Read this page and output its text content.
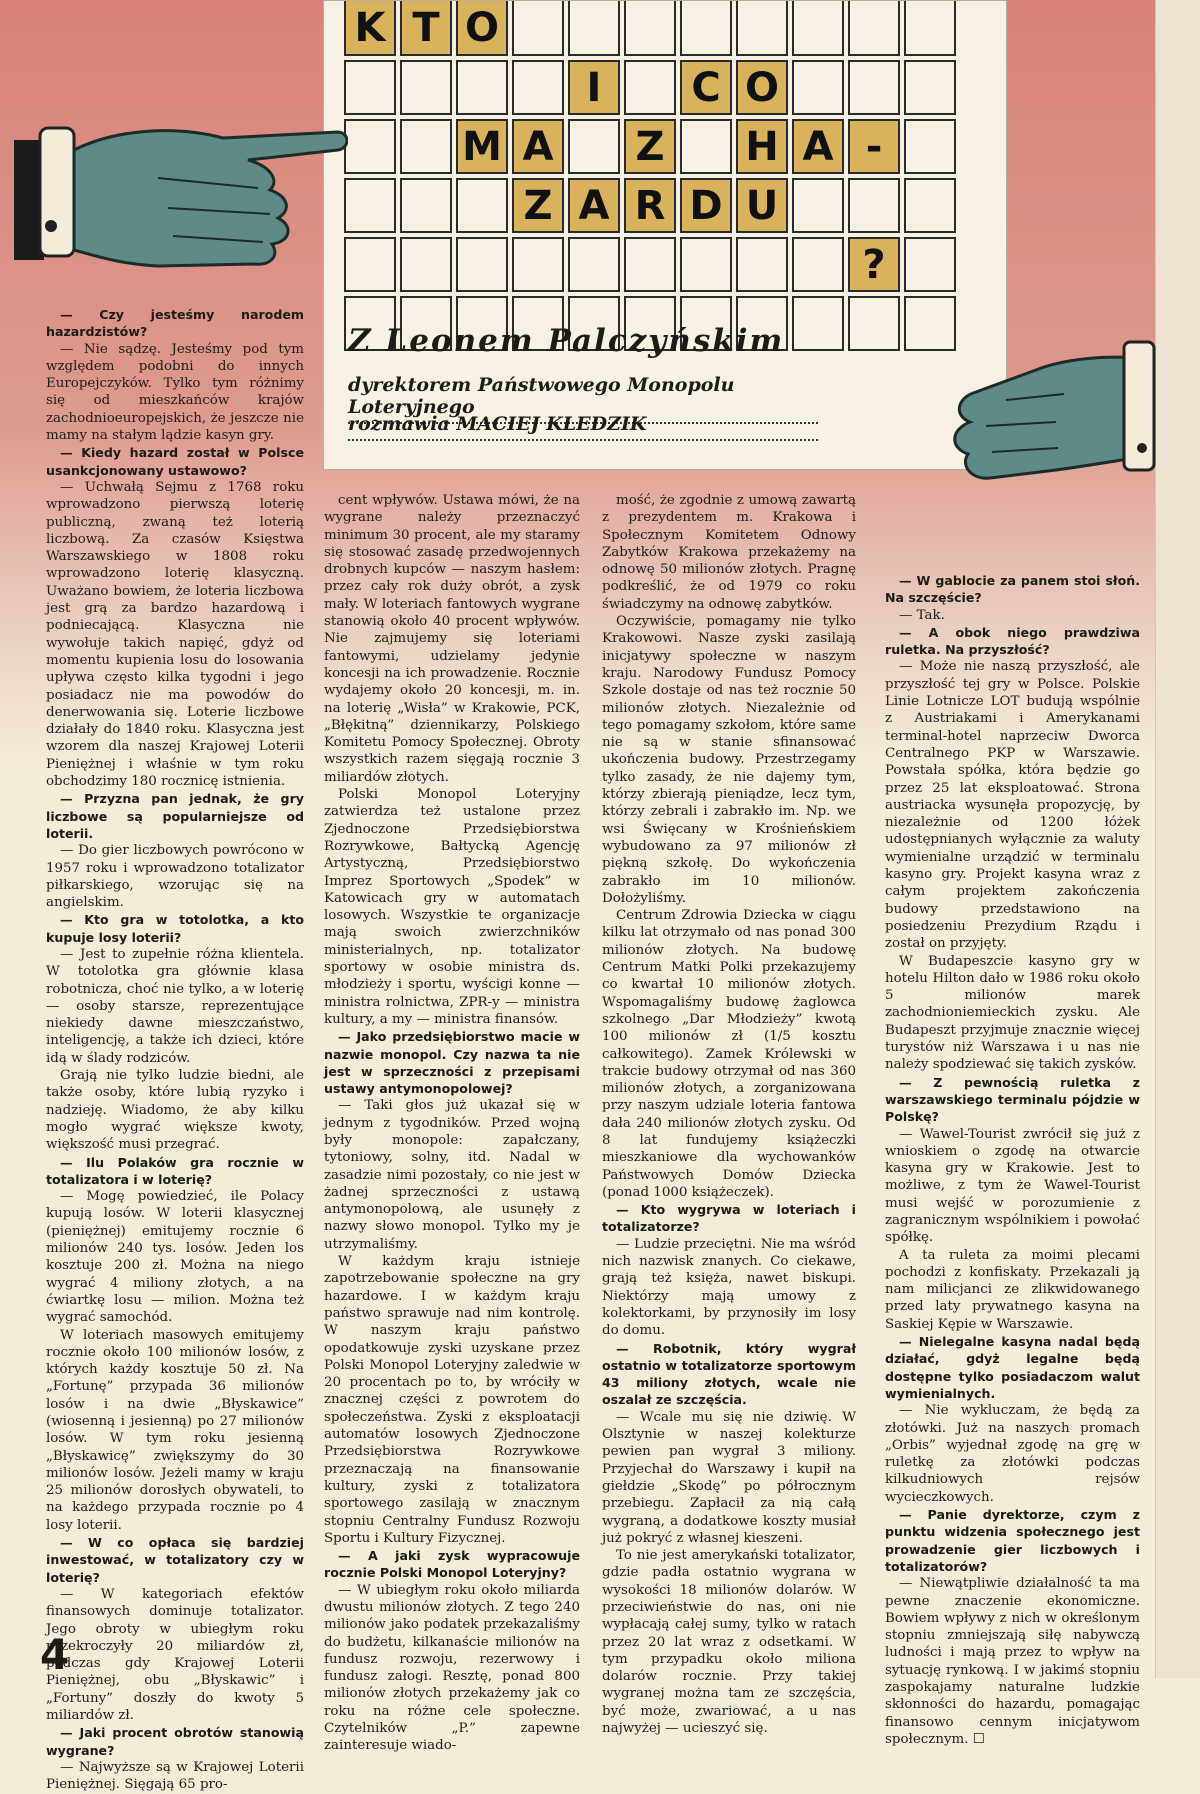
K T O
I	C O
M A Z H A -
Z A R D U
?
Z Leonem Palczyńskim
dyrektorem Państwowego Monopolu Loteryjnego
rozmawia MACIEJ KLEDZIK

— Czy jesteśmy narodem hazardzistów?

— Nie sądzę. Jesteśmy pod tym względem podobni do innych Europejczyków. Tylko tym różnimy się od mieszkańców krajów zachodnioeuropejskich, że jeszcze nie mamy na stałym lądzie kasyn gry.

— Kiedy hazard został w Polsce usankcjonowany ustawowo?

— Uchwałą Sejmu z 1768 roku wprowadzono pierwszą loterię publiczną, zwaną też loterią liczbową. Za czasów Księstwa Warszawskiego w 1808 roku wprowadzono loterię klasyczną. Uważano bowiem, że loteria liczbowa jest grą za bardzo hazardową i podniecającą. Klasyczna nie wywołuje takich napięć, gdyż od momentu kupienia losu do losowania upływa często kilka tygodni i jego posiadacz nie ma powodów do denerwowania się. Loterie liczbowe działały do 1840 roku. Klasyczna jest wzorem dla naszej Krajowej Loterii Pieniężnej i właśnie w tym roku obchodzimy 180 rocznicę istnienia.

— Przyzna pan jednak, że gry liczbowe są popularniejsze od loterii.

— Do gier liczbowych powrócono w 1957 roku i wprowadzono totalizator piłkarskiego, wzorując się na angielskim.

— Kto gra w totolotka, a kto kupuje losy loterii?

— Jest to zupełnie różna klientela. W totolotka gra głównie klasa robotnicza, choć nie tylko, a w loterię — osoby starsze, reprezentujące niekiedy dawne mieszczaństwo, inteligencję, a także ich dzieci, które idą w ślady rodziców.

Grają nie tylko ludzie biedni, ale także osoby, które lubią ryzyko i nadzieję. Wiadomo, że aby kilku mogło wygrać większe kwoty, większość musi przegrać.

— Ilu Polaków gra rocznie w totalizatora i w loterię?

— Mogę powiedzieć, ile Polacy kupują losów. W loterii klasycznej (pieniężnej) emitujemy rocznie 6 milionów 240 tys. losów. Jeden los kosztuje 200 zł. Można na niego wygrać 4 miliony złotych, a na ćwiartkę losu — milion. Można też wygrać samochód.

W loteriach masowych emitujemy rocznie około 100 milionów losów, z których każdy kosztuje 50 zł. Na „Fortunę” przypada 36 milionów losów i na dwie „Błyskawice” (wiosenną i jesienną) po 27 milionów losów. W tym roku jesienną „Błyskawicę” zwiększymy do 30 milionów losów. Jeżeli mamy w kraju 25 milionów dorosłych obywateli, to na każdego przypada rocznie po 4 losy loterii.

— W co opłaca się bardziej inwestować, w totalizatory czy w loterię?

— W kategoriach efektów finansowych dominuje totalizator. Jego obroty w ubiegłym roku przekroczyły 20 miliardów zł, podczas gdy Krajowej Loterii Pieniężnej, obu „Błyskawic” i „Fortuny” doszły do kwoty 5 miliardów zł.

— Jaki procent obrotów stanowią wygrane?

— Najwyższe są w Krajowej Loterii Pieniężnej. Sięgają 65 pro-

cent wpływów. Ustawa mówi, że na wygrane należy przeznaczyć minimum 30 procent, ale my staramy się stosować zasadę przedwojennych drobnych kupców — naszym hasłem: przez cały rok duży obrót, a zysk mały. W loteriach fantowych wygrane stanowią około 40 procent wpływów. Nie zajmujemy się loteriami fantowymi, udzielamy jedynie koncesji na ich prowadzenie. Rocznie wydajemy około 20 koncesji, m. in. na loterię „Wisła” w Krakowie, PCK, „Błękitną” dziennikarzy, Polskiego Komitetu Pomocy Społecznej. Obroty wszystkich razem sięgają rocznie 3 miliardów złotych.

Polski Monopol Loteryjny zatwierdza też ustalone przez Zjednoczone Przedsiębiorstwa Rozrywkowe, Bałtycką Agencję Artystyczną, Przedsiębiorstwo Imprez Sportowych „Spodek” w Katowicach gry w automatach losowych. Wszystkie te organizacje mają swoich zwierzchników ministerialnych, np. totalizator sportowy w osobie ministra ds. młodzieży i sportu, wyścigi konne — ministra rolnictwa, ZPR-y — ministra kultury, a my — ministra finansów.

— Jako przedsiębiorstwo macie w nazwie monopol. Czy nazwa ta nie jest w sprzeczności z przepisami ustawy antymonopolowej?

— Taki głos już ukazał się w jednym z tygodników. Przed wojną były monopole: zapałczany, tytoniowy, solny, itd. Nadal w zasadzie nimi pozostały, co nie jest w żadnej sprzeczności z ustawą antymonopolową, ale usunęły z nazwy słowo monopol. Tylko my je utrzymaliśmy.

W każdym kraju istnieje zapotrzebowanie społeczne na gry hazardowe. I w każdym kraju państwo sprawuje nad nim kontrolę. W naszym kraju państwo opodatkowuje zyski uzyskane przez Polski Monopol Loteryjny zaledwie w 20 procentach po to, by wróciły w znacznej części z powrotem do społeczeństwa. Zyski z eksploatacji automatów losowych Zjednoczone Przedsiębiorstwa Rozrywkowe przeznaczają na finansowanie kultury, zyski z totalizatora sportowego zasilają w znacznym stopniu Centralny Fundusz Rozwoju Sportu i Kultury Fizycznej.

— A jaki zysk wypracowuje rocznie Polski Monopol Loteryjny?

— W ubiegłym roku około miliarda dwustu milionów złotych. Z tego 240 milionów jako podatek przekazaliśmy do budżetu, kilkanaście milionów na fundusz rozwoju, rezerwowy i fundusz załogi. Resztę, ponad 800 milionów złotych przekażemy jak co roku na różne cele społeczne. Czytelników „P.” zapewne zainteresuje wiado-

mość, że zgodnie z umową zawartą z prezydentem m. Krakowa i Społecznym Komitetem Odnowy Zabytków Krakowa przekażemy na odnowę 50 milionów złotych. Pragnę podkreślić, że od 1979 co roku świadczymy na odnowę zabytków.

Oczywiście, pomagamy nie tylko Krakowowi. Nasze zyski zasilają inicjatywy społeczne w naszym kraju. Narodowy Fundusz Pomocy Szkole dostaje od nas też rocznie 50 milionów złotych. Niezależnie od tego pomagamy szkołom, które same nie są w stanie sfinansować ukończenia budowy. Przestrzegamy tylko zasady, że nie dajemy tym, którzy zbierają pieniądze, lecz tym, którzy zebrali i zabrakło im. Np. we wsi Święcany w Krośnieńskiem wybudowano za 97 milionów zł piękną szkołę. Do wykończenia zabrakło im 10 milionów. Dołożyliśmy.

Centrum Zdrowia Dziecka w ciągu kilku lat otrzymało od nas ponad 300 milionów złotych. Na budowę Centrum Matki Polki przekazujemy co kwartał 10 milionów złotych. Wspomagaliśmy budowę żaglowca szkolnego „Dar Młodzieży” kwotą 100 milionów zł (1/5 kosztu całkowitego). Zamek Królewski w trakcie budowy otrzymał od nas 360 milionów złotych, a zorganizowana przy naszym udziale loteria fantowa dała 240 milionów złotych zysku. Od 8 lat fundujemy książeczki mieszkaniowe dla wychowanków Państwowych Domów Dziecka (ponad 1000 książeczek).

— Kto wygrywa w loteriach i totalizatorze?

— Ludzie przeciętni. Nie ma wśród nich nazwisk znanych. Co ciekawe, grają też księża, nawet biskupi. Niektórzy mają umowy z kolektorkami, by przynosiły im losy do domu.

— Robotnik, który wygrał ostatnio w totalizatorze sportowym 43 miliony złotych, wcale nie oszalał ze szczęścia.

— Wcale mu się nie dziwię. W Olsztynie w naszej kolekturze pewien pan wygrał 3 miliony. Przyjechał do Warszawy i kupił na giełdzie „Skodę” po półrocznym przebiegu. Zapłacił za nią całą wygraną, a dodatkowe koszty musiał już pokryć z własnej kieszeni.

To nie jest amerykański totalizator, gdzie padła ostatnio wygrana w wysokości 18 milionów dolarów. W przeciwieństwie do nas, oni nie wypłacają całej sumy, tylko w ratach przez 20 lat wraz z odsetkami. W tym przypadku około miliona dolarów rocznie. Przy takiej wygranej można tam ze szczęścia, być może, zwariować, a u nas najwyżej — ucieszyć się.

— W gablocie za panem stoi słoń. Na szczęście?

— Tak.

— A obok niego prawdziwa ruletka. Na przyszłość?

— Może nie naszą przyszłość, ale przyszłość tej gry w Polsce. Polskie Linie Lotnicze LOT budują wspólnie z Austriakami i Amerykanami terminal-hotel naprzeciw Dworca Centralnego PKP w Warszawie. Powstała spółka, która będzie go przez 25 lat eksploatować. Strona austriacka wysunęła propozycję, by niezależnie od 1200 łóżek udostępnianych wyłącznie za waluty wymienialne urządzić w terminalu kasyno gry. Projekt kasyna wraz z całym projektem zakończenia budowy przedstawiono na posiedzeniu Prezydium Rządu i został on przyjęty.

W Budapeszcie kasyno gry w hotelu Hilton dało w 1986 roku około 5 milionów marek zachodnioniemieckich zysku. Ale Budapeszt przyjmuje znacznie więcej turystów niż Warszawa i u nas nie należy spodziewać się takich zysków.

— Z pewnością ruletka z warszawskiego terminalu pójdzie w Polskę?

— Wawel-Tourist zwrócił się już z wnioskiem o zgodę na otwarcie kasyna gry w Krakowie. Jest to możliwe, z tym że Wawel-Tourist musi wejść w porozumienie z zagranicznym wspólnikiem i powołać spółkę.

A ta ruleta za moimi plecami pochodzi z konfiskaty. Przekazali ją nam milicjanci ze zlikwidowanego przed laty prywatnego kasyna na Saskiej Kępie w Warszawie.

— Nielegalne kasyna nadal będą działać, gdyż legalne będą dostępne tylko posiadaczom walut wymienialnych.

— Nie wykluczam, że będą za złotówki. Już na naszych promach „Orbis” wyjednał zgodę na grę w ruletkę za złotówki podczas kilkudniowych rejsów wycieczkowych.

— Panie dyrektorze, czym z punktu widzenia społecznego jest prowadzenie gier liczbowych i totalizatorów?

— Niewątpliwie działalność ta ma pewne znaczenie ekonomiczne. Bowiem wpływy z nich w określonym stopniu zmniejszają siłę nabywczą ludności i mają przez to wpływ na sytuację rynkową. I w jakimś stopniu zaspokajamy naturalne ludzkie skłonności do hazardu, pomagając finansowo cennym inicjatywom społecznym. ☐

4
